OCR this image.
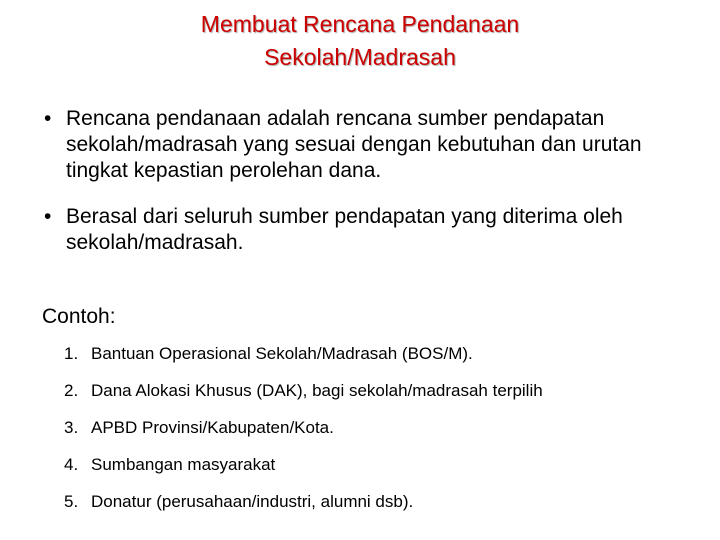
Membuat Rencana Pendanaan
Sekolah/Madrasah
• Rencana pendanaan adalah rencana sumber pendapatan sekolah/madrasah yang sesuai dengan kebutuhan dan urutan tingkat kepastian perolehan dana.
• Berasal dari seluruh sumber pendapatan yang diterima oleh sekolah/madrasah.
Contoh:
1. Bantuan Operasional Sekolah/Madrasah (BOS/M).
2. Dana Alokasi Khusus (DAK), bagi sekolah/madrasah terpilih
3. APBD Provinsi/Kabupaten/Kota.
4. Sumbangan masyarakat
5. Donatur (perusahaan/industri, alumni dsb).
